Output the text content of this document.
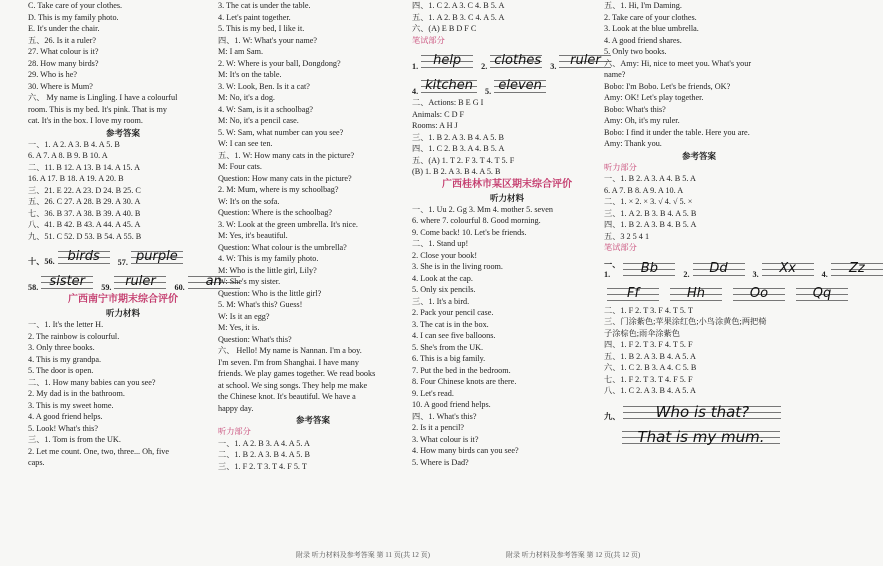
C. Take care of your clothes.
D. This is my family photo.
E. It's under the chair.
五、26. Is it a ruler?
27. What colour is it?
28. How many birds?
29. Who is he?
30. Where is Mum?
六、 My name is Lingling. I have a colourful
room. This is my bed. It's pink. That is my
cat. It's in the box. I love my room.
参考答案
一、1. A 2. A 3. B 4. A 5. B
6. A 7. A 8. B 9. B 10. A
二、11. B 12. A 13. B 14. A 15. A
16. A 17. B 18. A 19. A 20. B
三、21. E 22. A 23. D 24. B 25. C
五、26. C 27. A 28. B 29. A 30. A
七、36. B 37. A 38. B 39. A 40. B
八、41. B 42. B 43. A 44. A 45. A
九、51. C 52. D 53. B 54. A 55. B
十、56. birds	57. purple
58. sister	59.	ruler	60.	an
广西南宁市期末综合评价
听力材料
一、1. It's the letter H.
2. The rainbow is colourful.
3. Only three books.
4. This is my grandpa.
5. The door is open.
二、1. How many babies can you see?
2. My dad is in the bathroom.
3. This is my sweet home.
4. A good friend helps.
5. Look! What's this?
三、1. Tom is from the UK.
2. Let me count. One, two, three... Oh, five
caps.
3. The cat is under the table.
4. Let's paint together.
5. This is my bed, I like it.
四、1. W: What's your name?
M: I am Sam.
2. W: Where is your ball, Dongdong?
M: It's on the table.
3. W: Look, Ben. Is it a cat?
M: No, it's a dog.
4. W: Sam, is it a schoolbag?
M: No, it's a pencil case.
5. W: Sam, what number can you see?
W: I can see ten.
五、1. W: How many cats in the picture?
M: Four cats.
Question: How many cats in the picture?
2. M: Mum, where is my schoolbag?
W: It's on the sofa.
Question: Where is the schoolbag?
3. W: Look at the green umbrella. It's nice.
M: Yes, it's beautiful.
Question: What colour is the umbrella?
4. W: This is my family photo.
M: Who is the little girl, Lily?
W: She's my sister.
Question: Who is the little girl?
5. M: What's this? Guess!
W: Is it an egg?
M: Yes, it is.
Question: What's this?
六、 Hello! My name is Nannan. I'm a boy.
I'm seven. I'm from Shanghai. I have many
friends. We play games together. We read books
at school. We sing songs. They help me make
the Chinese knot. It's beautiful. We have a
happy day.
参考答案
听力部分
一、1. A 2. B 3. A 4. A 5. A
二、1. B 2. A 3. B 4. A 5. B
三、1. F 2. T 3. T 4. F 5. T
四、1. C 2. A 3. C 4. B 5. A
五、1. A 2. B 3. C 4. A 5. A
六、(A) E B D F C
笔试部分
1.	help	2. clothes 3.	ruler
4. kitchen	5. eleven
二、Actions: B E G I
Animals: C D F
Rooms: A H J
三、1. B 2. A 3. B 4. A 5. B
四、1. C 2. B 3. A 4. B 5. A
五、(A) 1. T 2. F 3. T 4. T 5. F
(B) 1. B 2. A 3. B 4. A 5. B
广西桂林市某区期末综合评价
听力材料
一、1. Uu 2. Gg 3. Mm 4. mother 5. seven
6. where 7. colourful 8. Good morning.
9. Come back! 10. Let's be friends.
二、1. Stand up!
2. Close your book!
3. She is in the living room.
4. Look at the cap.
5. Only six pencils.
三、1. It's a bird.
2. Pack your pencil case.
3. The cat is in the box.
4. I can see five balloons.
5. She's from the UK.
6. This is a big family.
7. Put the bed in the bedroom.
8. Four Chinese knots are there.
9. Let's read.
10. A good friend helps.
四、1. What's this?
2. Is it a pencil?
3. What colour is it?
4. How many birds can you see?
5. Where is Dad?
五、1. Hi, I'm Daming.
2. Take care of your clothes.
3. Look at the blue umbrella.
4. A good friend shares.
5. Only two books.
六、Amy: Hi, nice to meet you. What's your
name?
Bobo: I'm Bobo. Let's be friends, OK?
Amy: OK! Let's play together.
Bobo: What's this?
Amy: Oh, it's my ruler.
Bobo: I find it under the table. Here you are.
Amy: Thank you.
参考答案
听力部分
一、1. B 2. A 3. A 4. B 5. A
6. A 7. B 8. A 9. A 10. A
二、1. × 2. × 3. √ 4. √ 5. ×
三、1. A 2. B 3. B 4. A 5. B
四、1. B 2. A 3. B 4. B 5. A
五、3 2 5 4 1
笔试部分
一、1.	Bb	2.	Dd	3.	Xx	4.	Zz
Ff	Hh	Oo	Qq
二、1. F 2. T 3. F 4. T 5. T
三、门涂紫色;苹果涂红色;小鸟涂黄色;两把椅
子涂棕色;雨伞涂紫色
四、1. F 2. T 3. F 4. T 5. F
五、1. B 2. A 3. B 4. A 5. A
六、1. C 2. B 3. A 4. C 5. B
七、1. F 2. T 3. T 4. F 5. F
八、1. C 2. A 3. B 4. A 5. A
九、	Who is that?
That is my mum.
附录 听力材料及参考答案 第 11 页(共 12 页)	附录 听力材料及参考答案 第 12 页(共 12 页)
